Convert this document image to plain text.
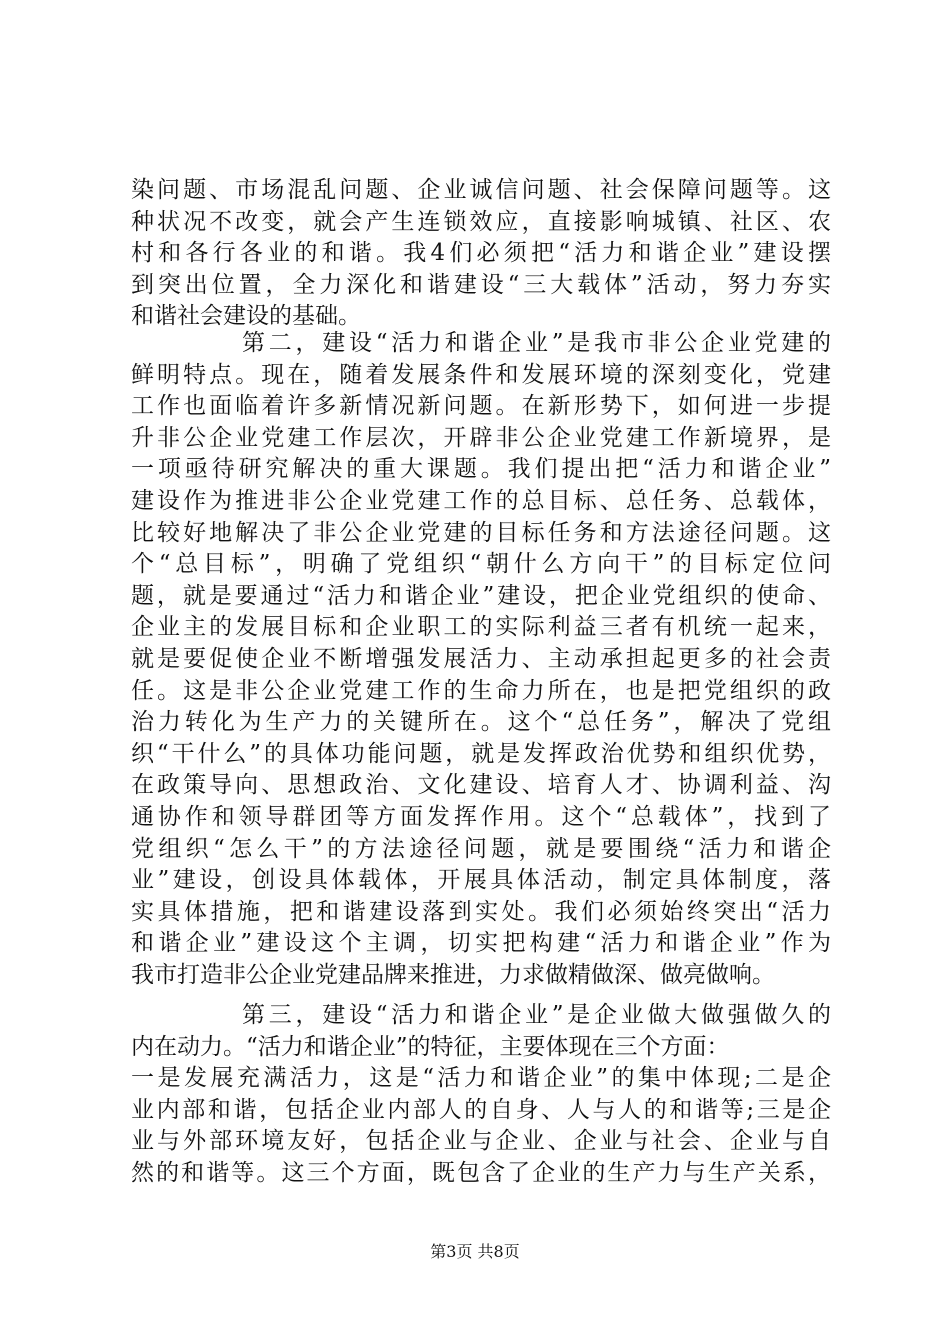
染问题、市场混乱问题、企业诚信问题、社会保障问题等。这
种状况不改变，就会产生连锁效应，直接影响城镇、社区、农
村和各行各业的和谐。我4们必须把“活力和谐企业”建设摆
到突出位置，全力深化和谐建设“三大载体”活动，努力夯实
和谐社会建设的基础。
第二，建设“活力和谐企业”是我市非公企业党建的
鲜明特点。现在，随着发展条件和发展环境的深刻变化，党建
工作也面临着许多新情况新问题。在新形势下，如何进一步提
升非公企业党建工作层次，开辟非公企业党建工作新境界，是
一项亟待研究解决的重大课题。我们提出把“活力和谐企业”
建设作为推进非公企业党建工作的总目标、总任务、总载体，
比较好地解决了非公企业党建的目标任务和方法途径问题。这
个“总目标”，明确了党组织“朝什么方向干”的目标定位问
题，就是要通过“活力和谐企业”建设，把企业党组织的使命、
企业主的发展目标和企业职工的实际利益三者有机统一起来，
就是要促使企业不断增强发展活力、主动承担起更多的社会责
任。这是非公企业党建工作的生命力所在，也是把党组织的政
治力转化为生产力的关键所在。这个“总任务”，解决了党组
织“干什么”的具体功能问题，就是发挥政治优势和组织优势，
在政策导向、思想政治、文化建设、培育人才、协调利益、沟
通协作和领导群团等方面发挥作用。这个“总载体”，找到了
党组织“怎么干”的方法途径问题，就是要围绕“活力和谐企
业”建设，创设具体载体，开展具体活动，制定具体制度，落
实具体措施，把和谐建设落到实处。我们必须始终突出“活力
和谐企业”建设这个主调，切实把构建“活力和谐企业”作为
我市打造非公企业党建品牌来推进，力求做精做深、做亮做响。
第三，建设“活力和谐企业”是企业做大做强做久的
内在动力。“活力和谐企业”的特征，主要体现在三个方面：
一是发展充满活力，这是“活力和谐企业”的集中体现;二是企
业内部和谐，包括企业内部人的自身、人与人的和谐等;三是企
业与外部环境友好，包括企业与企业、企业与社会、企业与自
然的和谐等。这三个方面，既包含了企业的生产力与生产关系，
第3页 共8页
